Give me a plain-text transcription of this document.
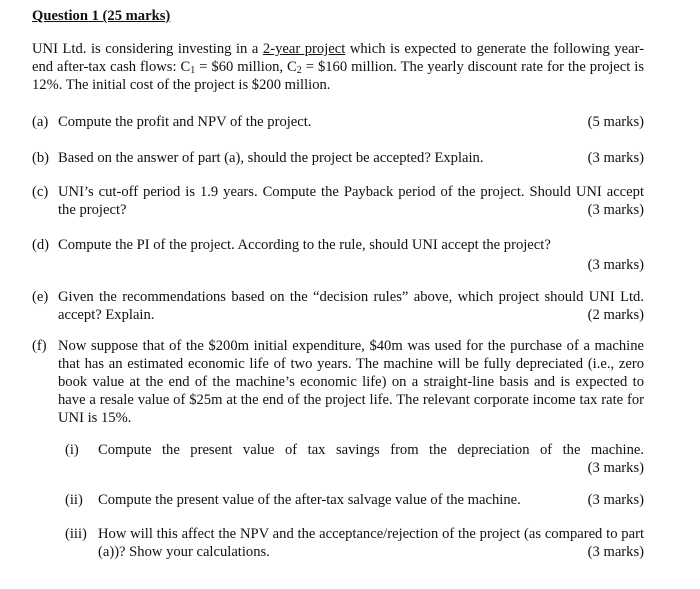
Question 1 (25 marks)
UNI Ltd. is considering investing in a 2-year project which is expected to generate the following year-end after-tax cash flows: $C_1$ = $60 million, $C_2$ = $160 million. The yearly discount rate for the project is 12%. The initial cost of the project is $200 million.
(a)	(5 marks)
Compute the profit and NPV of the project.
(b)	(3 marks)
Based on the answer of part (a), should the project be accepted? Explain.
(c) UNI’s cut-off period is 1.9 years. Compute the Payback period of the project. Should UNI accept the project?	(3 marks)
(d) Compute the PI of the project. According to the rule, should UNI accept the project?
(3 marks)
(e) Given the recommendations based on the “decision rules” above, which project should UNI Ltd. accept? Explain.	(2 marks)
(f) Now suppose that of the $200m initial expenditure, $40m was used for the purchase of a machine that has an estimated economic life of two years. The machine will be fully depreciated (i.e., zero book value at the end of the machine’s economic life) on a straight-line basis and is expected to have a resale value of $25m at the end of the project life. The relevant corporate income tax rate for UNI is 15%.
(i) Compute the present value of tax savings from the depreciation of the machine.
(3 marks)
(ii)	(3 marks)
Compute the present value of the after-tax salvage value of the machine.
(iii) How will this affect the NPV and the acceptance/rejection of the project (as compared to part (a))? Show your calculations.	(3 marks)
